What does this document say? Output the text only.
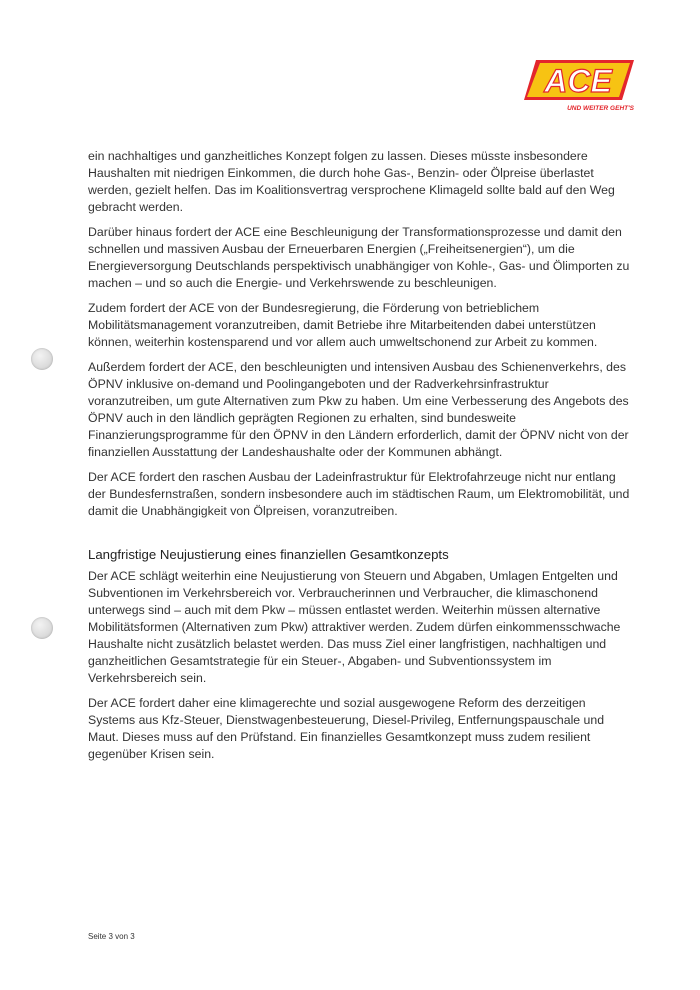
ACE
UND WEITER GEHT'S

ein nachhaltiges und ganzheitliches Konzept folgen zu lassen. Dieses müsste insbesondere Haushalten mit niedrigen Einkommen, die durch hohe Gas-, Benzin- oder Ölpreise überlastet werden, gezielt helfen. Das im Koalitionsvertrag versprochene Klimageld sollte bald auf den Weg gebracht werden.

Darüber hinaus fordert der ACE eine Beschleunigung der Transformationsprozesse und damit den schnellen und massiven Ausbau der Erneuerbaren Energien („Freiheitsenergien“), um die Energieversorgung Deutschlands perspektivisch unabhängiger von Kohle-, Gas- und Ölimporten zu machen – und so auch die Energie- und Verkehrswende zu beschleunigen.

Zudem fordert der ACE von der Bundesregierung, die Förderung von betrieblichem Mobilitätsmanagement voranzutreiben, damit Betriebe ihre Mitarbeitenden dabei unterstützen können, weiterhin kostensparend und vor allem auch umweltschonend zur Arbeit zu kommen.

Außerdem fordert der ACE, den beschleunigten und intensiven Ausbau des Schienenverkehrs, des ÖPNV inklusive on-demand und Poolingangeboten und der Radverkehrsinfrastruktur voranzutreiben, um gute Alternativen zum Pkw zu haben. Um eine Verbesserung des Angebots des ÖPNV auch in den ländlich geprägten Regionen zu erhalten, sind bundesweite Finanzierungsprogramme für den ÖPNV in den Ländern erforderlich, damit der ÖPNV nicht von der finanziellen Ausstattung der Landeshaushalte oder der Kommunen abhängt.

Der ACE fordert den raschen Ausbau der Ladeinfrastruktur für Elektrofahrzeuge nicht nur entlang der Bundesfernstraßen, sondern insbesondere auch im städtischen Raum, um Elektromobilität, und damit die Unabhängigkeit von Ölpreisen, voranzutreiben.

Langfristige Neujustierung eines finanziellen Gesamtkonzepts

Der ACE schlägt weiterhin eine Neujustierung von Steuern und Abgaben, Umlagen Entgelten und Subventionen im Verkehrsbereich vor. Verbraucherinnen und Verbraucher, die klimaschonend unterwegs sind – auch mit dem Pkw – müssen entlastet werden. Weiterhin müssen alternative Mobilitätsformen (Alternativen zum Pkw) attraktiver werden. Zudem dürfen einkommensschwache Haushalte nicht zusätzlich belastet werden. Das muss Ziel einer langfristigen, nachhaltigen und ganzheitlichen Gesamtstrategie für ein Steuer-, Abgaben- und Subventionssystem im Verkehrsbereich sein.

Der ACE fordert daher eine klimagerechte und sozial ausgewogene Reform des derzeitigen Systems aus Kfz-Steuer, Dienstwagenbesteuerung, Diesel-Privileg, Entfernungspauschale und Maut. Dieses muss auf den Prüfstand. Ein finanzielles Gesamtkonzept muss zudem resilient gegenüber Krisen sein.

Seite 3 von 3
